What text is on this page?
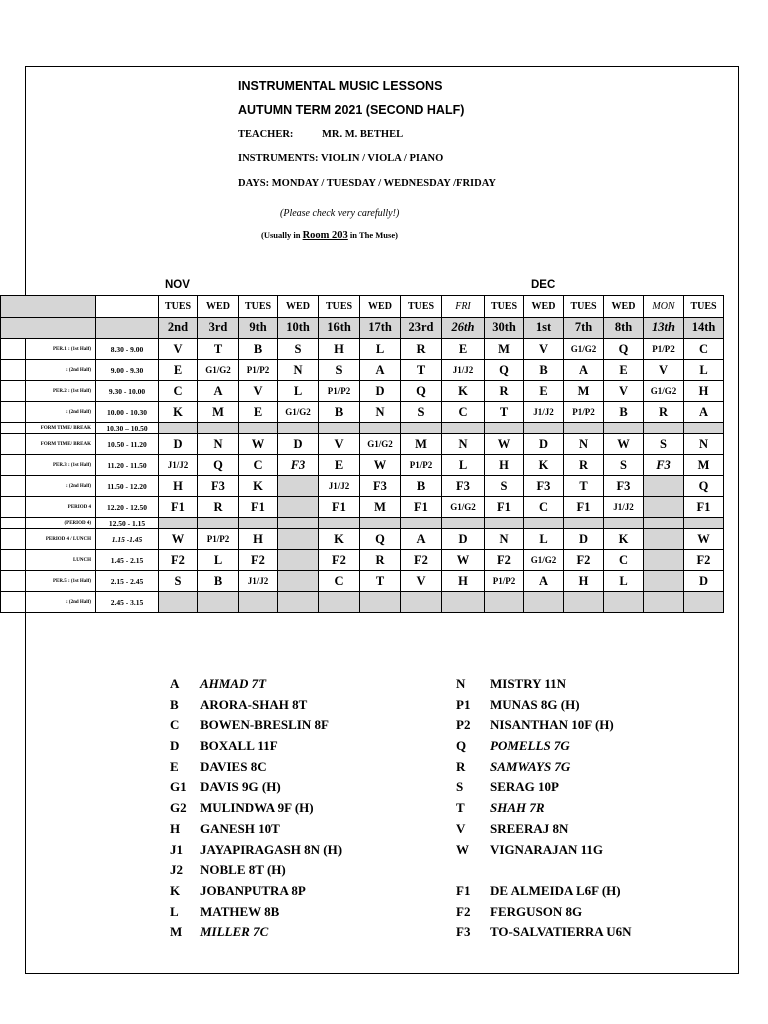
INSTRUMENTAL MUSIC LESSONS
AUTUMN TERM 2021 (SECOND HALF)
TEACHER:	MR. M. BETHEL
INSTRUMENTS: VIOLIN / VIOLA / PIANO
DAYS: MONDAY / TUESDAY / WEDNESDAY /FRIDAY
(Please check very carefully!)
(Usually in Room 203 in The Muse)
NOV	DEC
		TUES	WED	TUES	WED	TUES	WED	TUES	FRI	TUES	WED	TUES	WED	MON	TUES
		2nd	3rd	9th	10th	16th	17th	23rd	26th	30th	1st	7th	8th	13th	14th
PER.1 : (1st Half)	8.30 - 9.00	V	T	B	S	H	L	R	E	M	V	G1/G2	Q	P1/P2	C
: (2nd Half)	9.00 - 9.30	E	G1/G2	P1/P2	N	S	A	T	J1/J2	Q	B	A	E	V	L
PER.2 : (1st Half)	9.30 - 10.00	C	A	V	L	P1/P2	D	Q	K	R	E	M	V	G1/G2	H
: (2nd Half)	10.00 - 10.30	K	M	E	G1/G2	B	N	S	C	T	J1/J2	P1/P2	B	R	A
FORM TIME/ BREAK	10.30 – 10.50														
FORM TIME/ BREAK	10.50 - 11.20	D	N	W	D	V	G1/G2	M	N	W	D	N	W	S	N
PER.3 : (1st Half)	11.20 - 11.50	J1/J2	Q	C	F3	E	W	P1/P2	L	H	K	R	S	F3	M
: (2nd Half)	11.50 - 12.20	H	F3	K		J1/J2	F3	B	F3	S	F3	T	F3		Q
PERIOD 4	12.20 - 12.50	F1	R	F1		F1	M	F1	G1/G2	F1	C	F1	J1/J2		F1
(PERIOD 4)	12.50 - 1.15														
PERIOD 4 / LUNCH	1.15 -1.45	W	P1/P2	H		K	Q	A	D	N	L	D	K		W
LUNCH	1.45 - 2.15	F2	L	F2		F2	R	F2	W	F2	G1/G2	F2	C		F2
PER.5 : (1st Half)	2.15 - 2.45	S	B	J1/J2		C	T	V	H	P1/P2	A	H	L		D
: (2nd Half)	2.45 - 3.15														
A AHMAD 7T
B ARORA-SHAH 8T
C BOWEN-BRESLIN 8F
D BOXALL 11F
E DAVIES 8C
G1 DAVIS 9G (H)
G2 MULINDWA 9F (H)
H GANESH 10T
J1 JAYAPIRAGASH 8N (H)
J2 NOBLE 8T (H)
K JOBANPUTRA 8P
L MATHEW 8B
M MILLER 7C
N MISTRY 11N
P1 MUNAS 8G (H)
P2 NISANTHAN 10F (H)
Q POMELLS 7G
R SAMWAYS 7G
S SERAG 10P
T SHAH 7R
V SREERAJ 8N
W VIGNARAJAN 11G
F1 DE ALMEIDA L6F (H)
F2 FERGUSON 8G
F3 TO-SALVATIERRA U6N
